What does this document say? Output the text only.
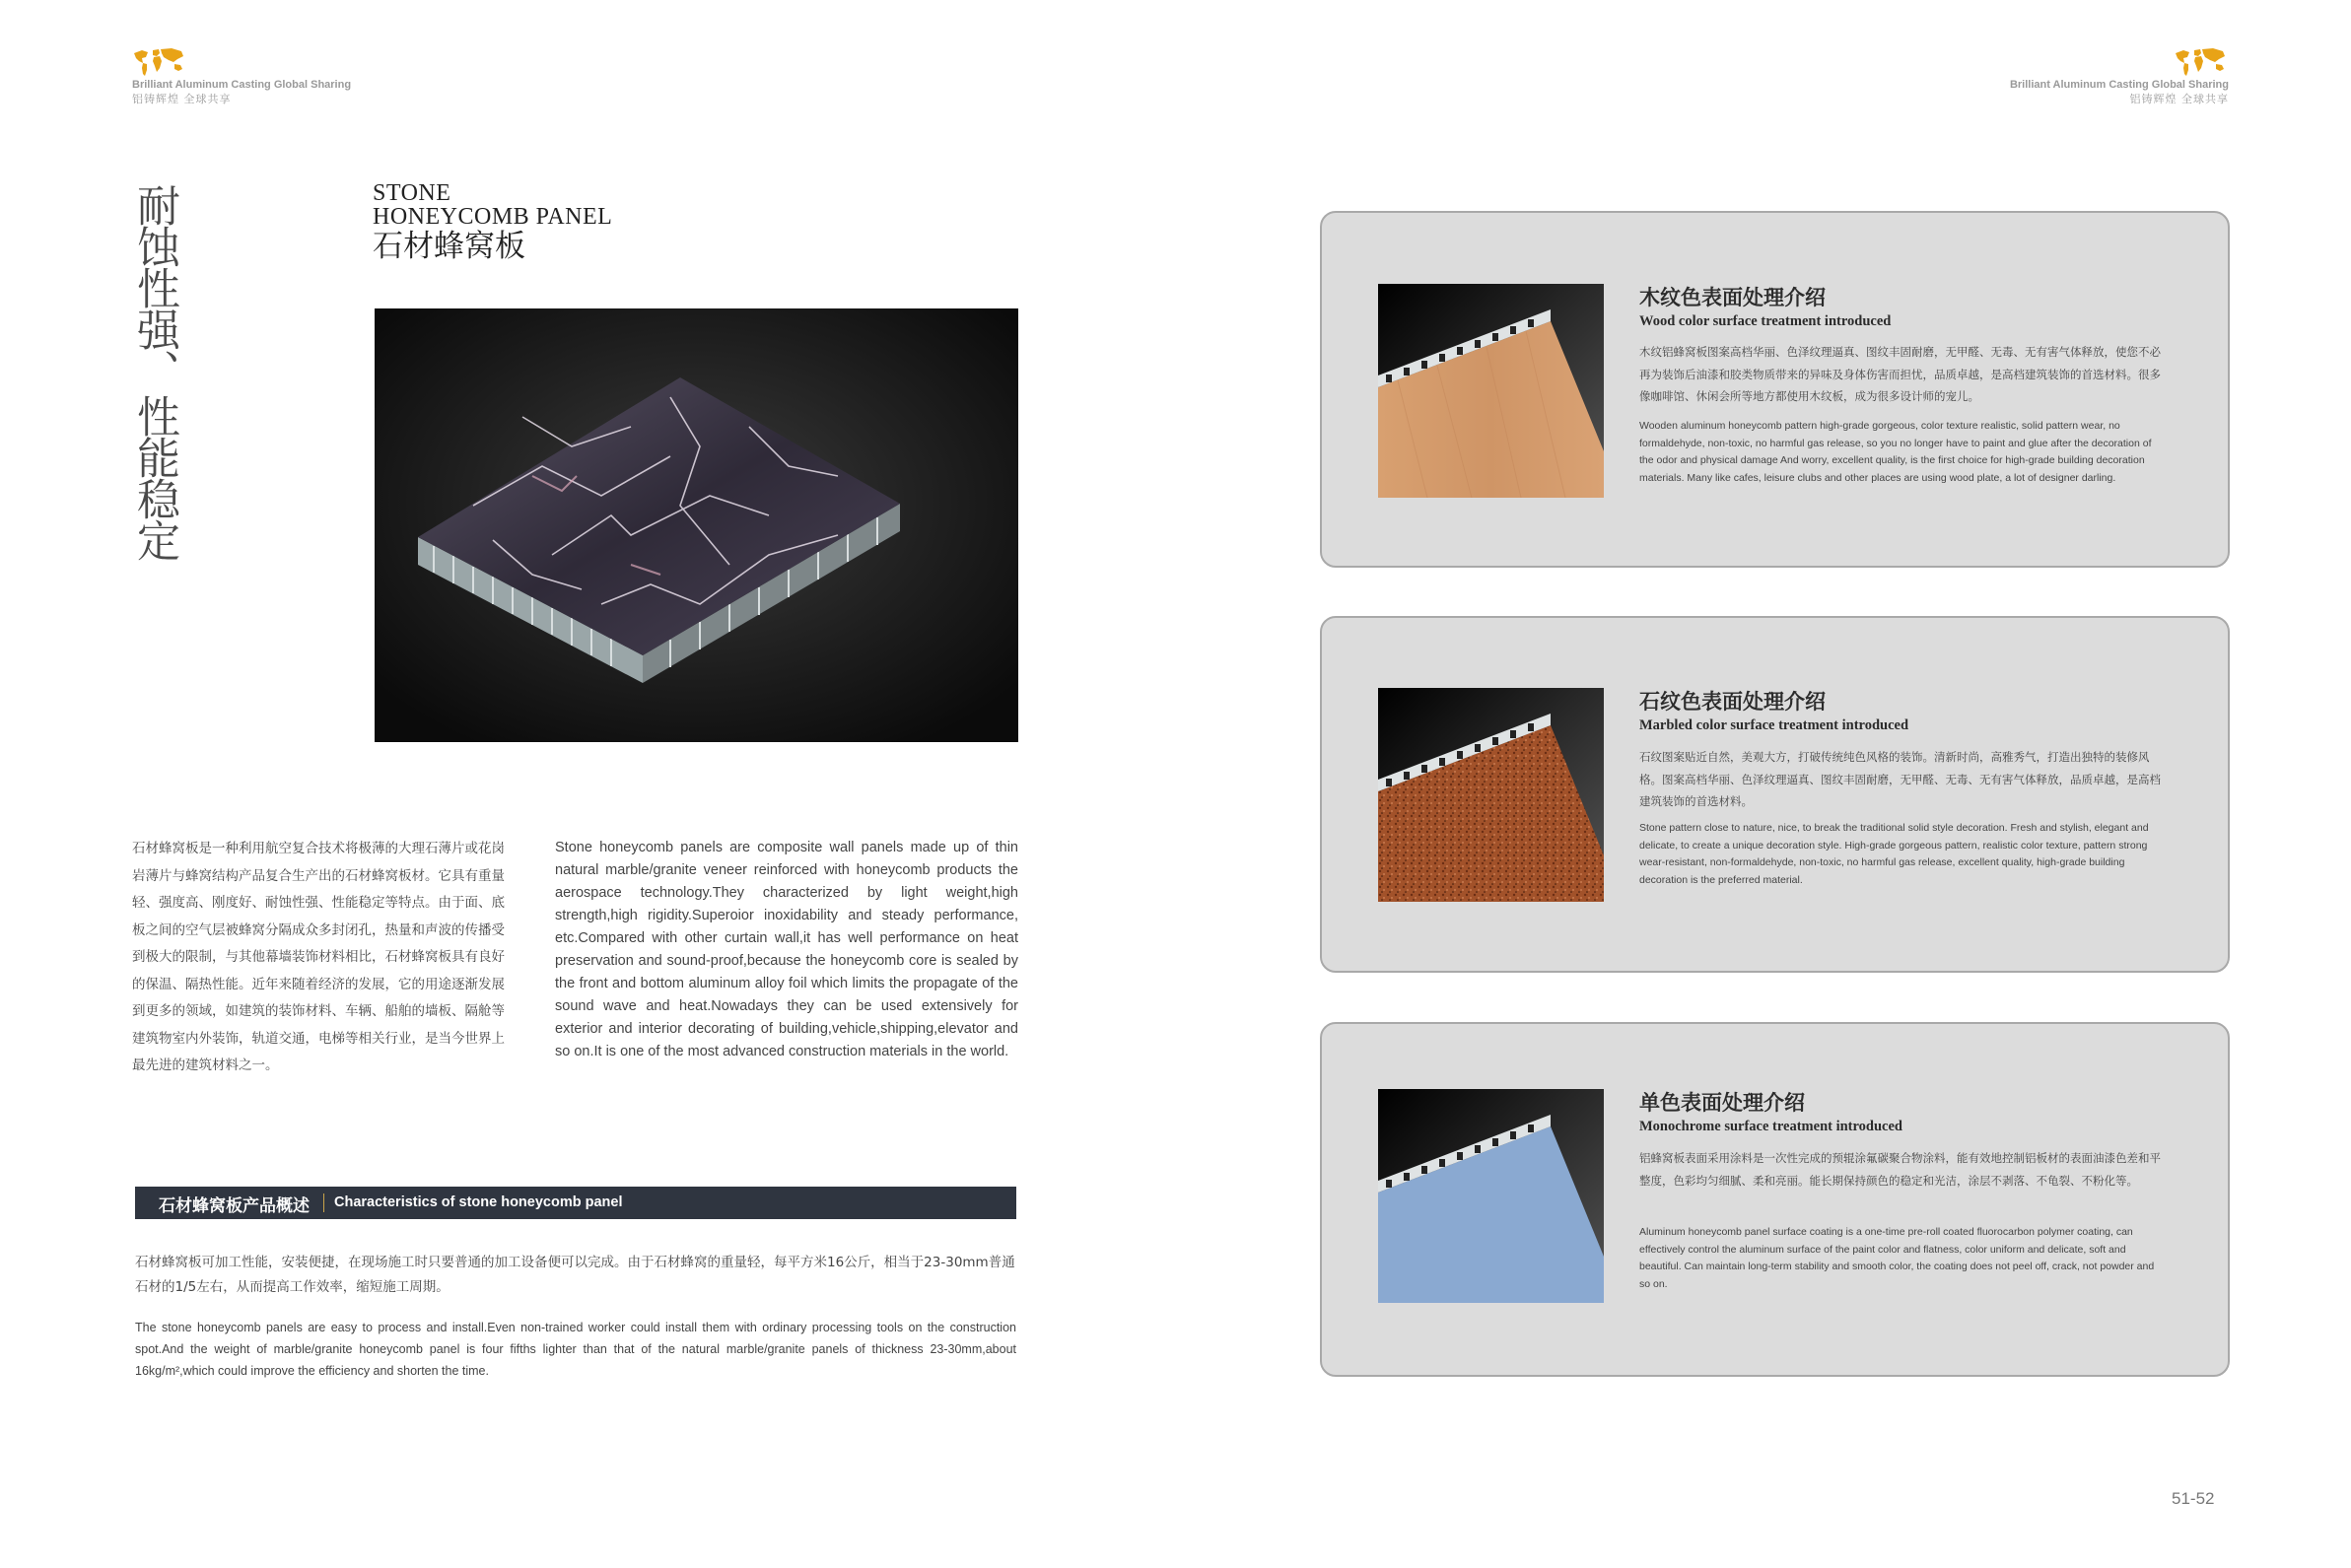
Brilliant Aluminum Casting Global Sharing
铝铸辉煌 全球共享
Brilliant Aluminum Casting Global Sharing
铝铸辉煌 全球共享
耐蚀性强、
性能稳定
STONE
HONEYCOMB PANEL
石材蜂窝板
石材蜂窝板是一种利用航空复合技术将极薄的大理石薄片或花岗岩薄片与蜂窝结构产品复合生产出的石材蜂窝板材。它具有重量轻、强度高、刚度好、耐蚀性强、性能稳定等特点。由于面、底板之间的空气层被蜂窝分隔成众多封闭孔，热量和声波的传播受到极大的限制，与其他幕墙装饰材料相比，石材蜂窝板具有良好的保温、隔热性能。近年来随着经济的发展，它的用途逐渐发展到更多的领域，如建筑的装饰材料、车辆、船舶的墙板、隔舱等建筑物室内外装饰，轨道交通，电梯等相关行业，是当今世界上最先进的建筑材料之一。
Stone honeycomb panels are composite wall panels made up of thin natural marble/granite veneer reinforced with honeycomb products the aerospace technology.They characterized by light weight,high strength,high rigidity.Superoior inoxidability and steady performance, etc.Compared with other curtain wall,it has well performance on heat preservation and sound-proof,because the honeycomb core is sealed by the front and bottom aluminum alloy foil which limits the propagate of the sound wave and heat.Nowadays they can be used extensively for exterior and interior decorating of building,vehicle,shipping,elevator and so on.It is one of the most advanced construction materials in the world.
石材蜂窝板产品概述 Characteristics of stone honeycomb panel
石材蜂窝板可加工性能，安装便捷，在现场施工时只要普通的加工设备便可以完成。由于石材蜂窝的重量轻，每平方米16公斤，相当于23-30mm普通石材的1/5左右，从而提高工作效率，缩短施工周期。
The stone honeycomb panels are easy to process and install.Even non-trained worker could install them with ordinary processing tools on the construction spot.And the weight of marble/granite honeycomb panel is four fifths lighter than that of the natural marble/granite panels of thickness 23-30mm,about 16kg/m²,which could improve the efficiency and shorten the time.
木纹色表面处理介绍
Wood color surface treatment introduced
木纹铝蜂窝板图案高档华丽、色泽纹理逼真、图纹丰固耐磨，无甲醛、无毒、无有害气体释放，使您不必再为装饰后油漆和胶类物质带来的异味及身体伤害而担忧，品质卓越，是高档建筑装饰的首选材料。很多像咖啡馆、休闲会所等地方都使用木纹板，成为很多设计师的宠儿。
Wooden aluminum honeycomb pattern high-grade gorgeous, color texture realistic, solid pattern wear, no formaldehyde, non-toxic, no harmful gas release, so you no longer have to paint and glue after the decoration of the odor and physical damage And worry, excellent quality, is the first choice for high-grade building decoration materials. Many like cafes, leisure clubs and other places are using wood plate, a lot of designer darling.
石纹色表面处理介绍
Marbled color surface treatment introduced
石纹图案贴近自然，美观大方，打破传统纯色风格的装饰。清新时尚，高雅秀气，打造出独特的装修风格。图案高档华丽、色泽纹理逼真、图纹丰固耐磨，无甲醛、无毒、无有害气体释放，品质卓越，是高档建筑装饰的首选材料。
Stone pattern close to nature, nice, to break the traditional solid style decoration. Fresh and stylish, elegant and delicate, to create a unique decoration style. High-grade gorgeous pattern, realistic color texture, pattern strong wear-resistant, non-formaldehyde, non-toxic, no harmful gas release, excellent quality, high-grade building decoration is the preferred material.
单色表面处理介绍
Monochrome surface treatment introduced
铝蜂窝板表面采用涂料是一次性完成的预辊涂氟碳聚合物涂料，能有效地控制铝板材的表面油漆色差和平整度，色彩均匀细腻、柔和亮丽。能长期保持颜色的稳定和光洁，涂层不剥落、不龟裂、不粉化等。
Aluminum honeycomb panel surface coating is a one-time pre-roll coated fluorocarbon polymer coating, can effectively control the aluminum surface of the paint color and flatness, color uniform and delicate, soft and beautiful. Can maintain long-term stability and smooth color, the coating does not peel off, crack, not powder and so on.
51-52
